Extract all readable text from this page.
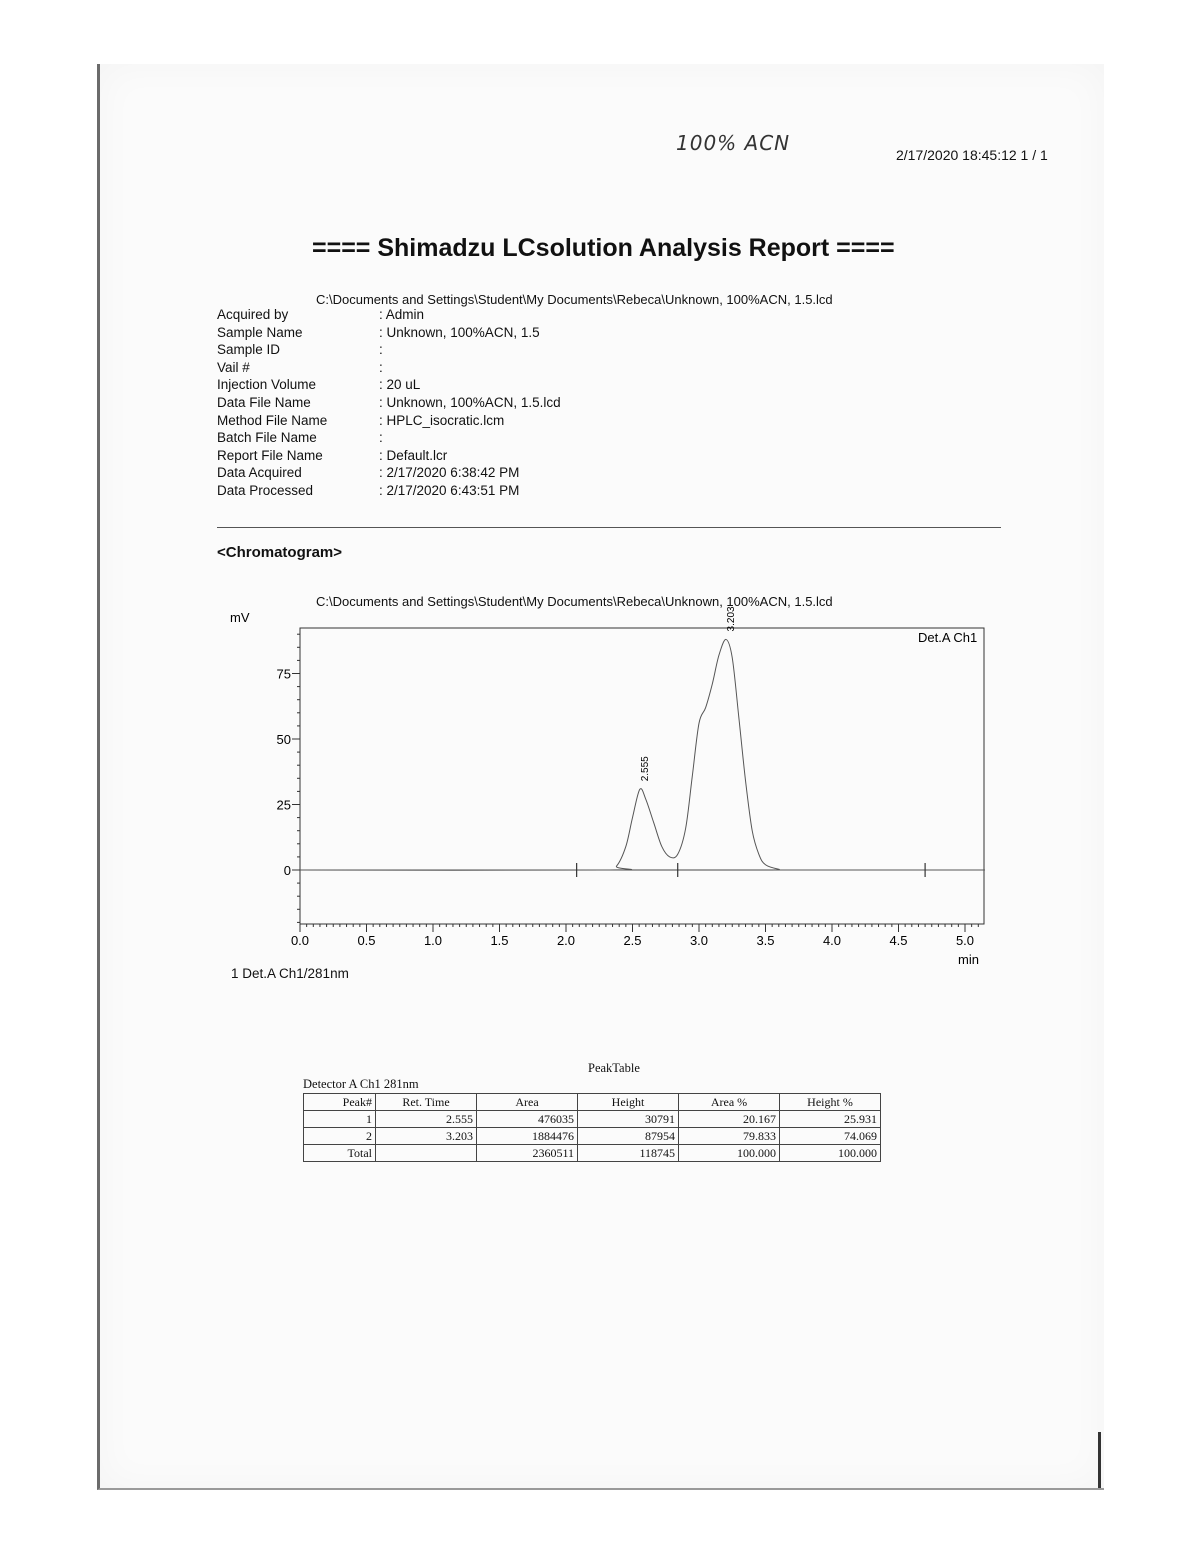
100% ACN	2/17/2020 18:45:12 1 / 1
==== Shimadzu LCsolution Analysis Report ====
C:\Documents and Settings\Student\My Documents\Rebeca\Unknown, 100%ACN, 1.5.lcd
Acquired by	: Admin
Sample Name	: Unknown, 100%ACN, 1.5
Sample ID	:
Vail #	:
Injection Volume	: 20 uL
Data File Name	: Unknown, 100%ACN, 1.5.lcd
Method File Name	: HPLC_isocratic.lcm
Batch File Name	:
Report File Name	: Default.lcr
Data Acquired	: 2/17/2020 6:38:42 PM
Data Processed	: 2/17/2020 6:43:51 PM
<Chromatogram>
C:\Documents and Settings\Student\My Documents\Rebeca\Unknown, 100%ACN, 1.5.lcd
mV
min
Det.A Ch1
0
25
50
75
0.0	0.5	1.0	1.5	2.0	2.5	3.0	3.5	4.0	4.5	5.0
2.555
3.203
1 Det.A Ch1/281nm
PeakTable
Detector A Ch1 281nm
Peak#	Ret. Time	Area	Height	Area %	Height %
1	2.555	476035	30791	20.167	25.931
2	3.203	1884476	87954	79.833	74.069
Total		2360511	118745	100.000	100.000
